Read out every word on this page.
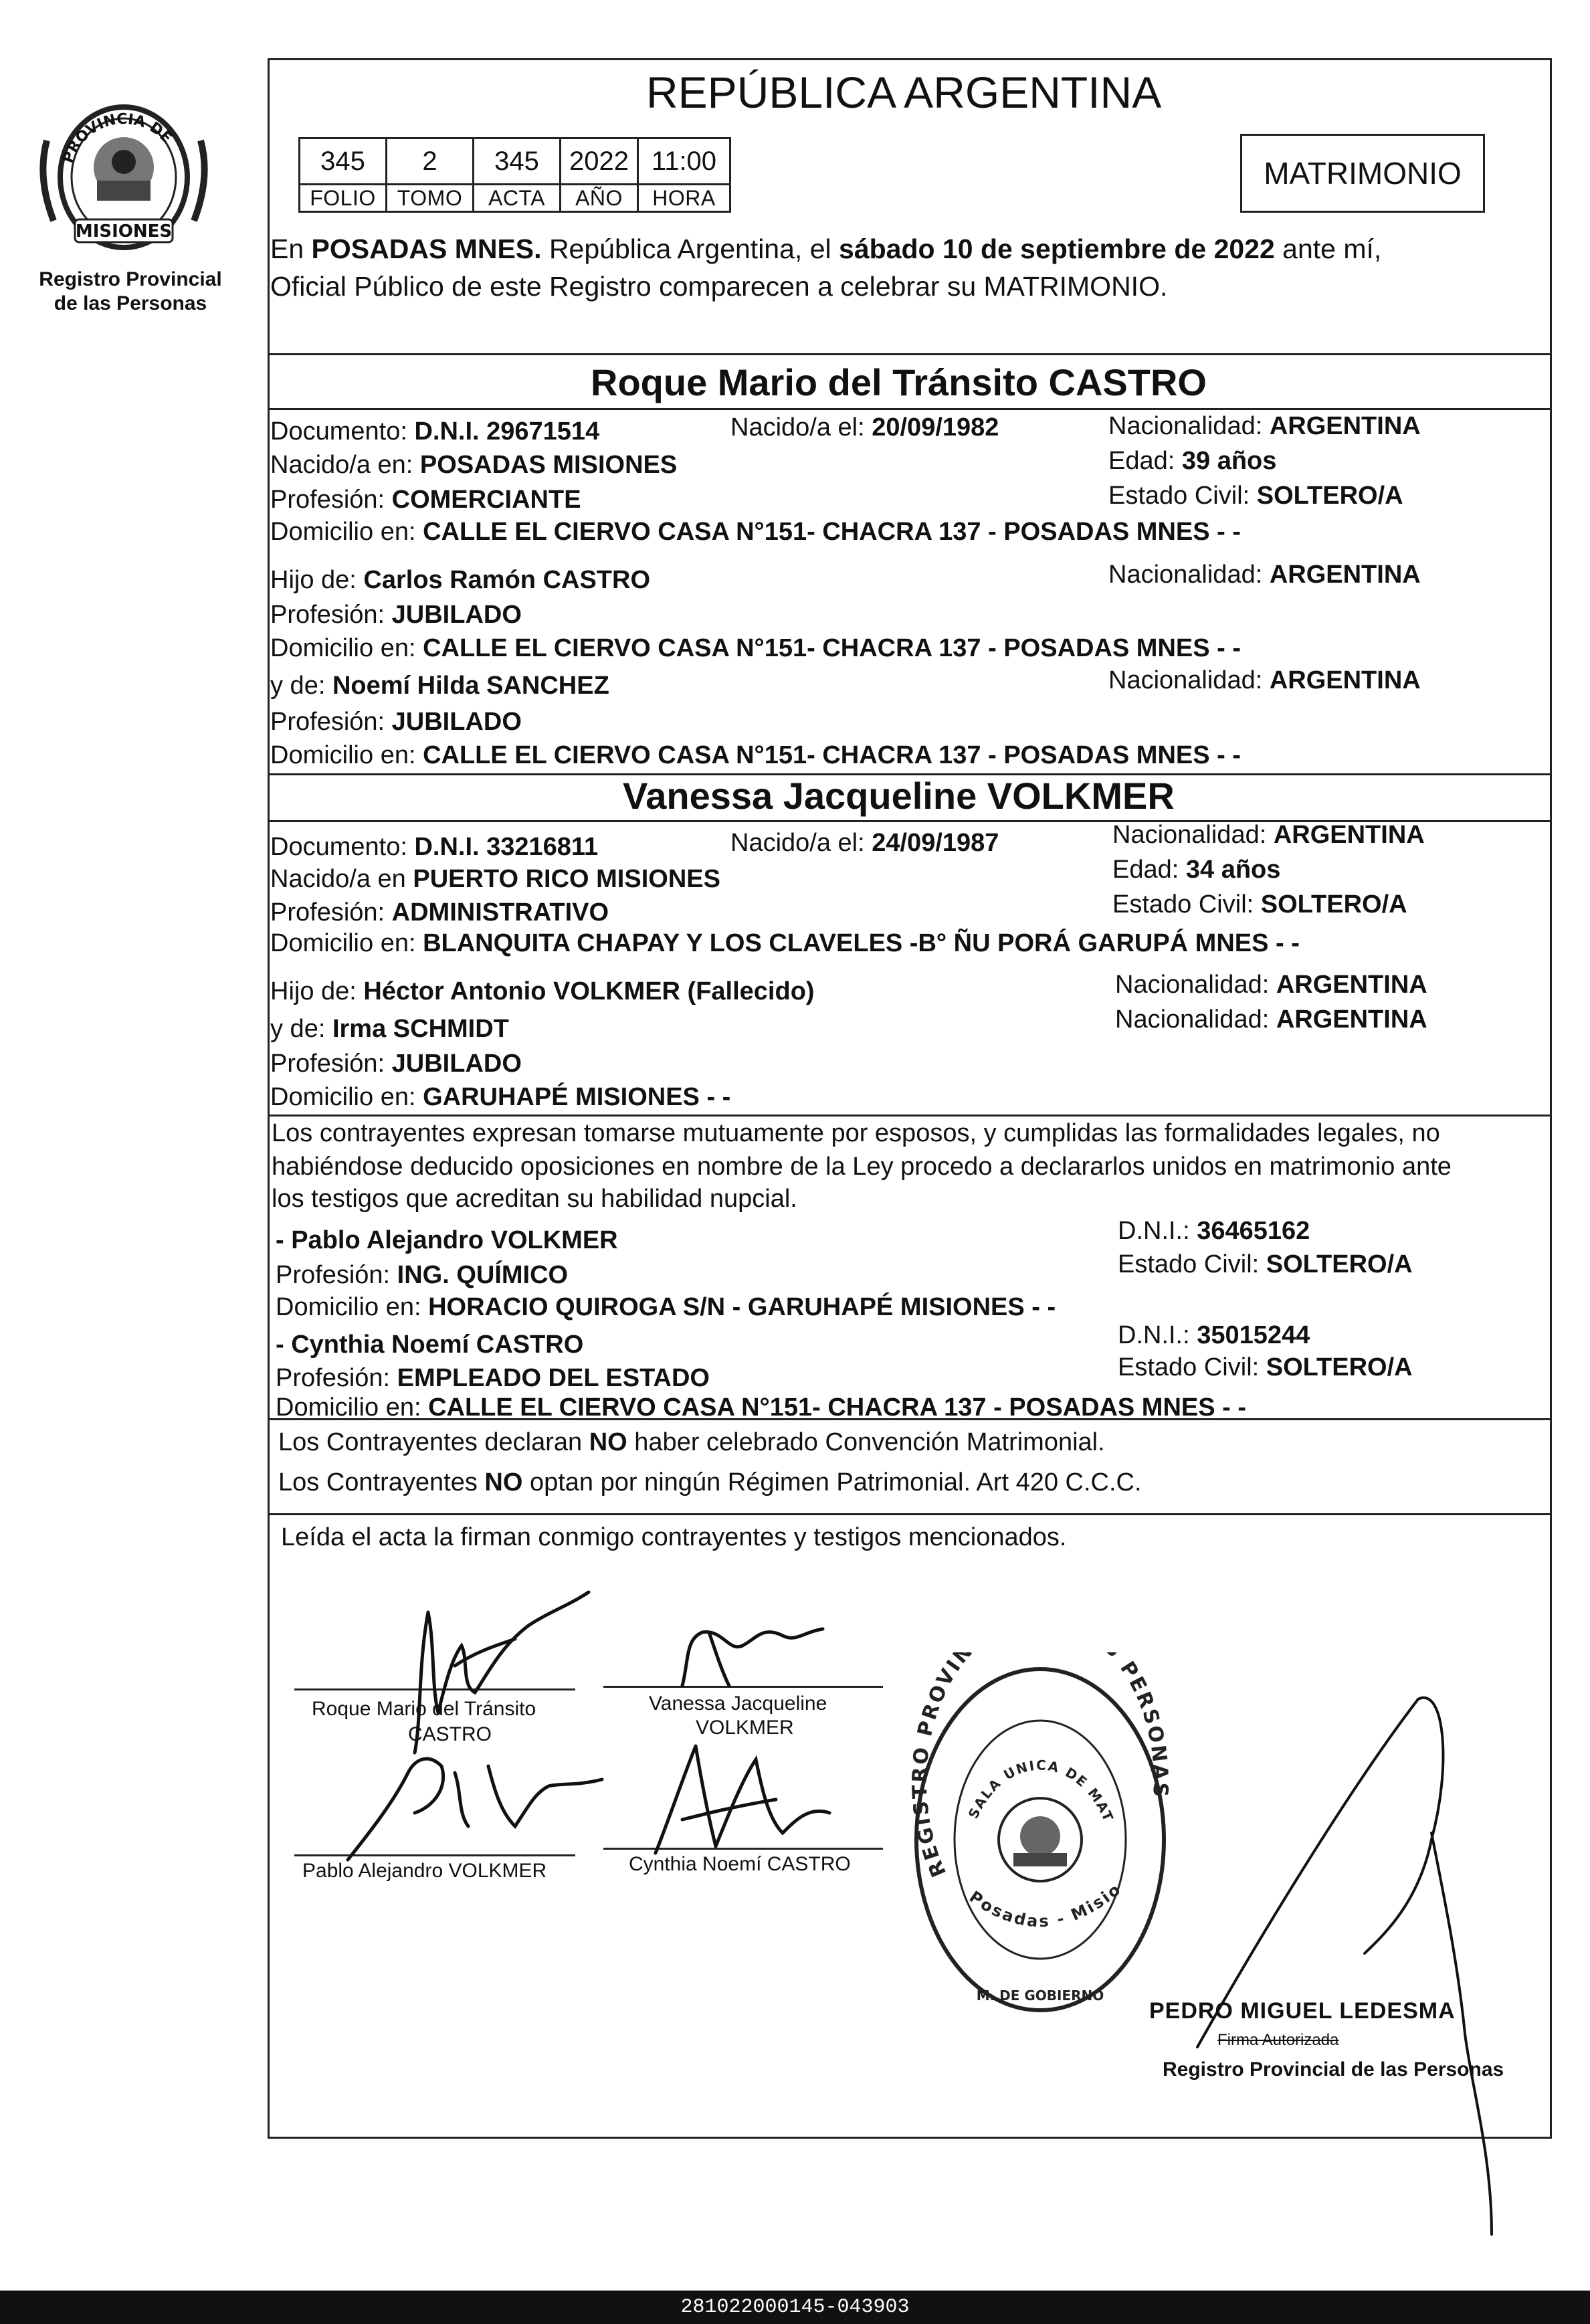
PROVINCIA DE
MISIONES
Registro Provincial
de las Personas
REPÚBLICA ARGENTINA
345	2	345	2022	11:00
FOLIO	TOMO	ACTA	AÑO	HORA
MATRIMONIO
En POSADAS MNES. República Argentina, el sábado 10 de septiembre de 2022 ante mí,
Oficial Público de este Registro comparecen a celebrar su MATRIMONIO.
Roque Mario del Tránsito CASTRO
Documento: D.N.I. 29671514	Nacido/a el: 20/09/1982	Nacionalidad: ARGENTINA
Nacido/a en: POSADAS MISIONES	Edad: 39 años
Profesión: COMERCIANTE	Estado Civil: SOLTERO/A
Domicilio en: CALLE EL CIERVO CASA N°151- CHACRA 137 - POSADAS MNES - -
Hijo de: Carlos Ramón CASTRO	Nacionalidad: ARGENTINA
Profesión: JUBILADO
Domicilio en: CALLE EL CIERVO CASA N°151- CHACRA 137 - POSADAS MNES - -
y de: Noemí Hilda SANCHEZ	Nacionalidad: ARGENTINA
Profesión: JUBILADO
Domicilio en: CALLE EL CIERVO CASA N°151- CHACRA 137 - POSADAS MNES - -
Vanessa Jacqueline VOLKMER
Documento: D.N.I. 33216811	Nacido/a el: 24/09/1987	Nacionalidad: ARGENTINA
Nacido/a en PUERTO RICO MISIONES	Edad: 34 años
Profesión: ADMINISTRATIVO	Estado Civil: SOLTERO/A
Domicilio en: BLANQUITA CHAPAY Y LOS CLAVELES -B° ÑU PORÁ GARUPÁ MNES - -
Hijo de: Héctor Antonio VOLKMER (Fallecido)	Nacionalidad: ARGENTINA
y de: Irma SCHMIDT	Nacionalidad: ARGENTINA
Profesión: JUBILADO
Domicilio en: GARUHAPÉ MISIONES - -
Los contrayentes expresan tomarse mutuamente por esposos, y cumplidas las formalidades legales, no
habiéndose deducido oposiciones en nombre de la Ley procedo a declararlos unidos en matrimonio ante
los testigos que acreditan su habilidad nupcial.
- Pablo Alejandro VOLKMER	D.N.I.: 36465162
Profesión: ING. QUÍMICO	Estado Civil: SOLTERO/A
Domicilio en: HORACIO QUIROGA S/N - GARUHAPÉ MISIONES - -
- Cynthia Noemí CASTRO	D.N.I.: 35015244
Profesión: EMPLEADO DEL ESTADO	Estado Civil: SOLTERO/A
Domicilio en: CALLE EL CIERVO CASA N°151- CHACRA 137 - POSADAS MNES - -
Los Contrayentes declaran NO haber celebrado Convención Matrimonial.
Los Contrayentes NO optan por ningún Régimen Patrimonial. Art 420 C.C.C.
Leída el acta la firman conmigo contrayentes y testigos mencionados.
Roque Mario del Tránsito
CASTRO
Vanessa Jacqueline
VOLKMER
Pablo Alejandro VOLKMER	Cynthia Noemí CASTRO	REGISTRO PROVIN PERSONAS
SALA UNICA DE MAT
Posadas - Misio
M. DE GOBIERNO
PEDRO MIGUEL LEDESMA
Firma Autorizada
Registro Provincial de las Personas
281022000145-043903
